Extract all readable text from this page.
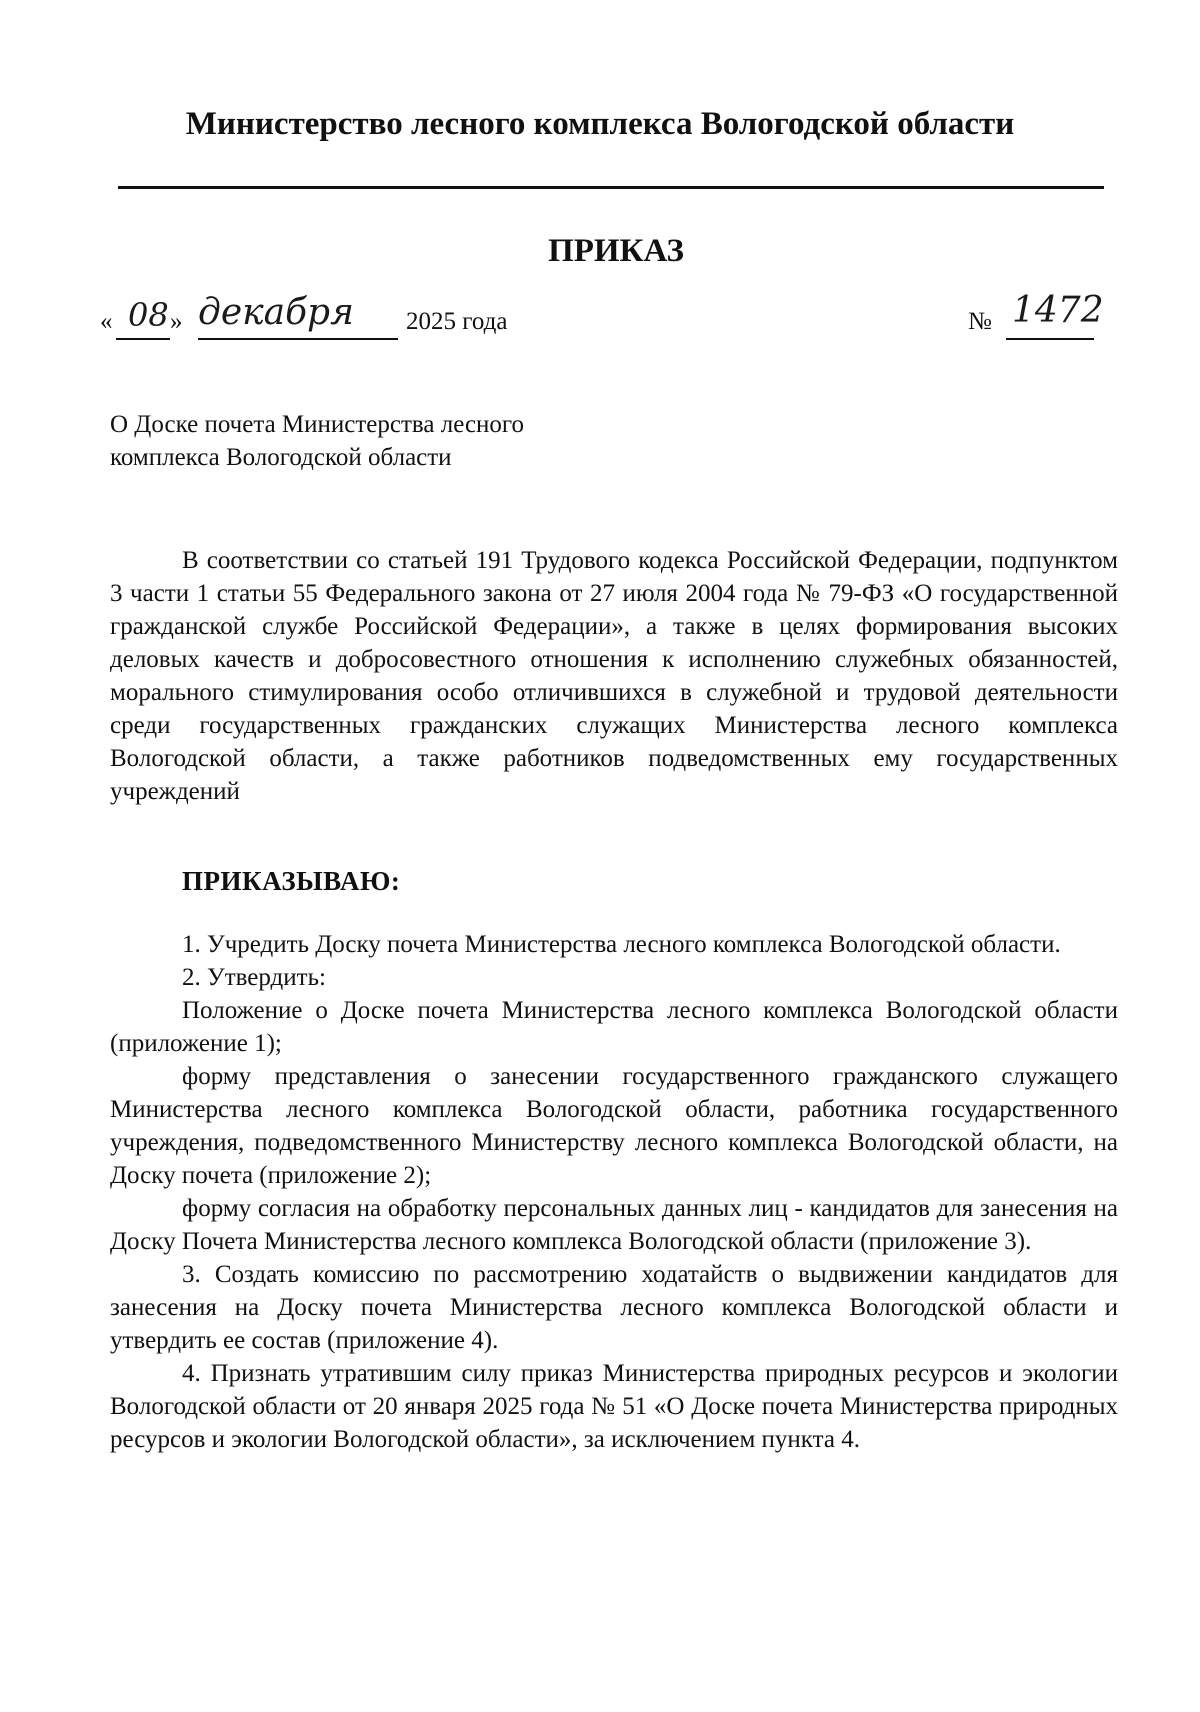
Министерство лесного комплекса Вологодской области
ПРИКАЗ
« 08 » декабря 2025 года	№ 1472
О Доске почета Министерства лесного
комплекса Вологодской области

В соответствии со статьей 191 Трудового кодекса Российской Федерации, подпунктом 3 части 1 статьи 55 Федерального закона от 27 июля 2004 года № 79-ФЗ «О государственной гражданской службе Российской Федерации», а также в целях формирования высоких деловых качеств и добросовестного отношения к исполнению служебных обязанностей, морального стимулирования особо отличившихся в служебной и трудовой деятельности среди государственных гражданских служащих Министерства лесного комплекса Вологодской области, а также работников подведомственных ему государственных учреждений

ПРИКАЗЫВАЮ:

1. Учредить Доску почета Министерства лесного комплекса Вологодской области.

2. Утвердить:

Положение о Доске почета Министерства лесного комплекса Вологодской области (приложение 1);

форму представления о занесении государственного гражданского служащего Министерства лесного комплекса Вологодской области, работника государственного учреждения, подведомственного Министерству лесного комплекса Вологодской области, на Доску почета (приложение 2);

форму согласия на обработку персональных данных лиц - кандидатов для занесения на Доску Почета Министерства лесного комплекса Вологодской области (приложение 3).

3. Создать комиссию по рассмотрению ходатайств о выдвижении кандидатов для занесения на Доску почета Министерства лесного комплекса Вологодской области и утвердить ее состав (приложение 4).

4. Признать утратившим силу приказ Министерства природных ресурсов и экологии Вологодской области от 20 января 2025 года № 51 «О Доске почета Министерства природных ресурсов и экологии Вологодской области», за исключением пункта 4.
